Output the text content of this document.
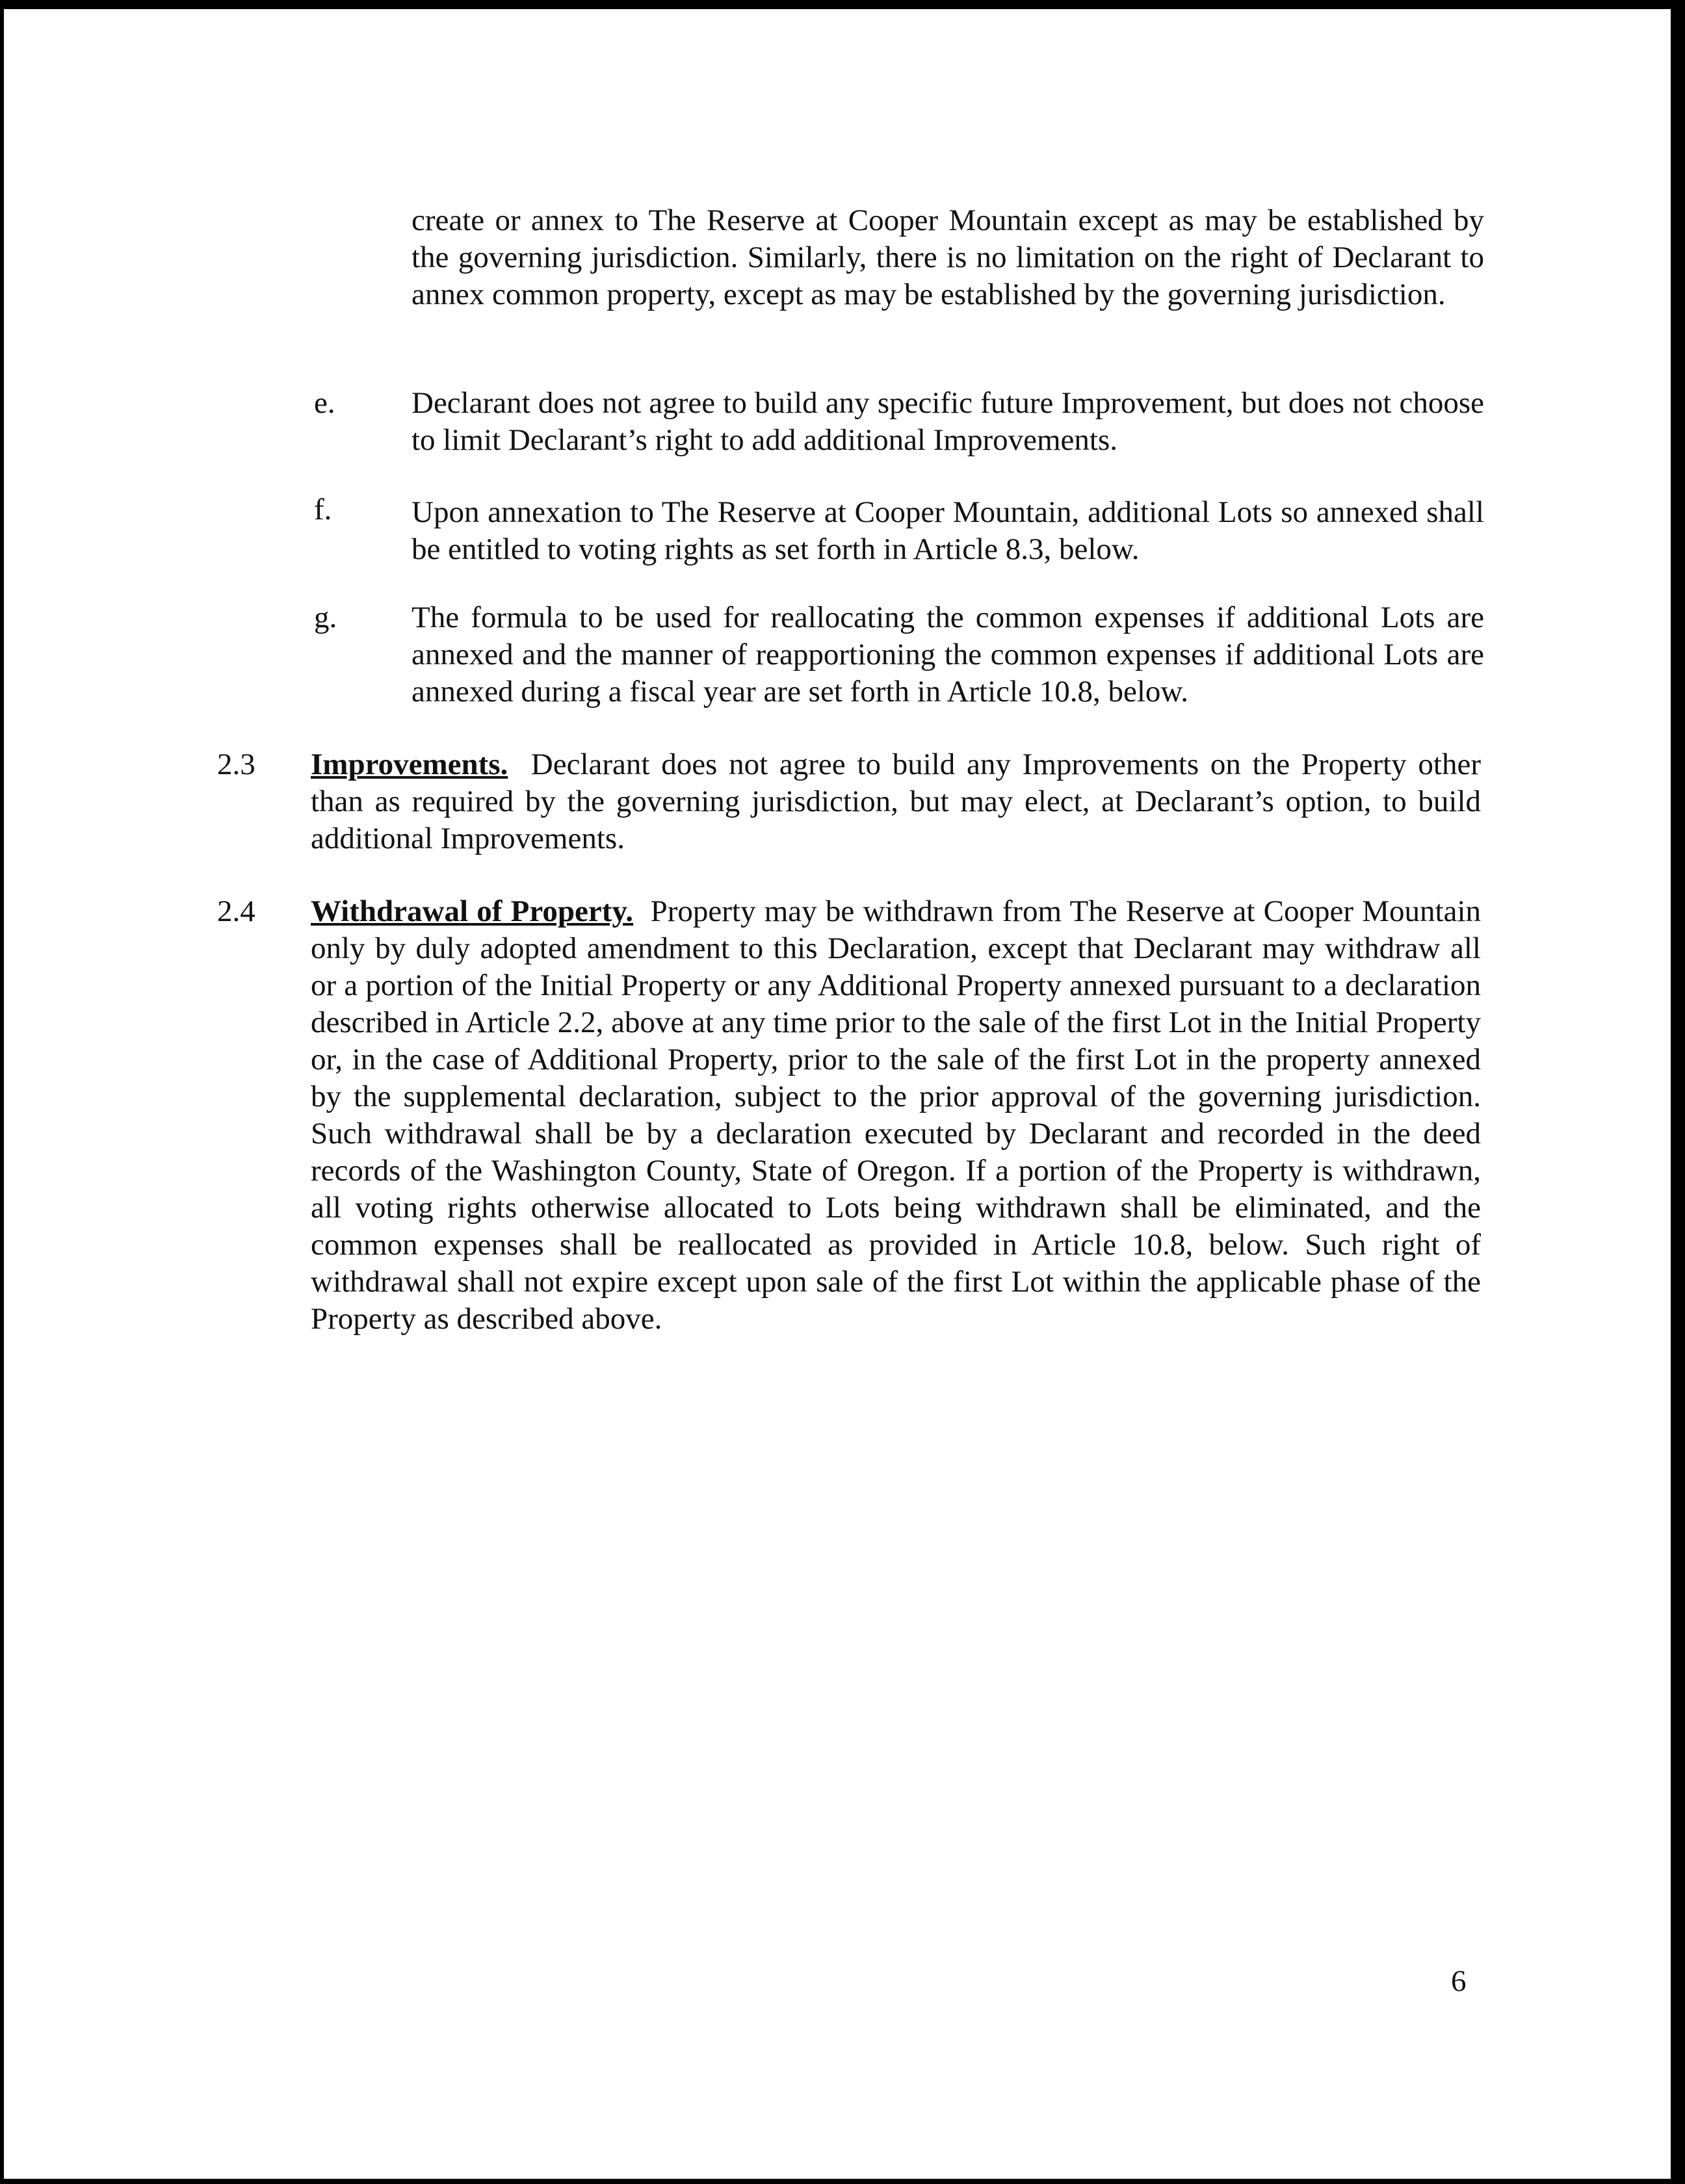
create or annex to The Reserve at Cooper Mountain except as may be established by the governing jurisdiction. Similarly, there is no limitation on the right of Declarant to annex common property, except as may be established by the governing jurisdiction.
e. Declarant does not agree to build any specific future Improvement, but does not choose to limit Declarant’s right to add additional Improvements.
f.	Upon annexation to The Reserve at Cooper Mountain, additional Lots so annexed shall be entitled to voting rights as set forth in Article 8.3, below.
g. The formula to be used for reallocating the common expenses if additional Lots are annexed and the manner of reapportioning the common expenses if additional Lots are annexed during a fiscal year are set forth in Article 10.8, below.
2.3 Improvements. Declarant does not agree to build any Improvements on the Property other than as required by the governing jurisdiction, but may elect, at Declarant’s option, to build additional Improvements.
2.4 Withdrawal of Property. Property may be withdrawn from The Reserve at Cooper Mountain only by duly adopted amendment to this Declaration, except that Declarant may withdraw all or a portion of the Initial Property or any Additional Property annexed pursuant to a declaration described in Article 2.2, above at any time prior to the sale of the first Lot in the Initial Property or, in the case of Additional Property, prior to the sale of the first Lot in the property annexed by the supplemental declaration, subject to the prior approval of the governing jurisdiction. Such withdrawal shall be by a declaration executed by Declarant and recorded in the deed records of the Washington County, State of Oregon. If a portion of the Property is withdrawn, all voting rights otherwise allocated to Lots being withdrawn shall be eliminated, and the common expenses shall be reallocated as provided in Article 10.8, below. Such right of withdrawal shall not expire except upon sale of the first Lot within the applicable phase of the Property as described above.
6
